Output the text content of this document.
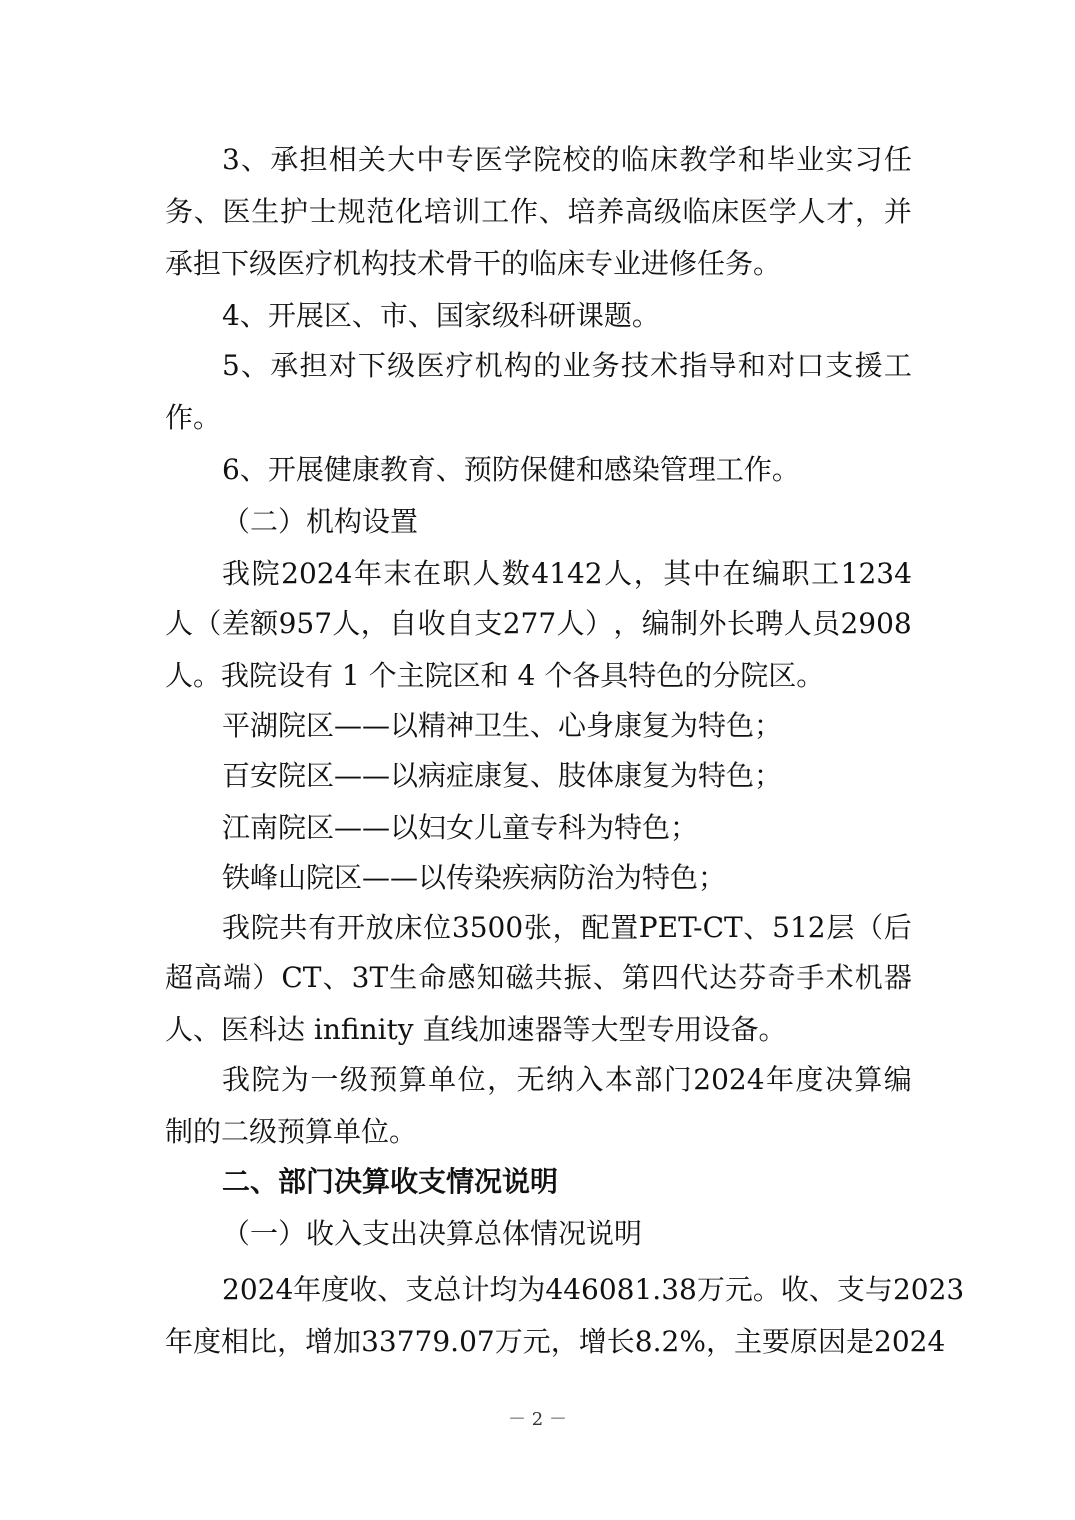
3 、 承 担 相 关 大 中 专 医 学 院 校 的 临 床 教 学 和 毕 业 实 习 任
务 、 医 生 护 士 规 范 化 培 训 工 作 、 培 养 高 级 临 床 医 学 人 才 ， 并
承担下级医疗机构技术骨干的临床专业进修任务。
4、开展区、市、国家级科研课题。
5 、 承 担 对 下 级 医 疗 机 构 的 业 务 技 术 指 导 和 对 口 支 援 工
作。
6、开展健康教育、预防保健和感染管理工作。
（二）机构设置
我 院 2024 年 末 在 职 人 数 4142 人 ， 其 中 在 编 职 工 1234
人 （ 差 额 957 人 ， 自 收 自 支 277 人 ） ， 编 制 外 长 聘 人 员 2908
人。我院设有 1 个主院区和 4 个各具特色的分院区。
平湖院区——以精神卫生、心身康复为特色；
百安院区——以病症康复、肢体康复为特色；
江南院区——以妇女儿童专科为特色；
铁峰山院区——以传染疾病防治为特色；
我 院 共 有 开 放 床 位 3500 张 ， 配 置 PET-CT 、 512 层 （ 后
超 高 端 ） CT 、 3T 生 命 感 知 磁 共 振 、 第 四 代 达 芬 奇 手 术 机 器
人、医科达 infinity 直线加速器等大型专用设备。
我 院 为 一 级 预 算 单 位 ， 无 纳 入 本 部 门 2024 年 度 决 算 编
制的二级预算单位。
二、部门决算收支情况说明
（一）收入支出决算总体情况说明
2024 年 度 收 、 支 总 计 均 为 446081.38 万 元 。 收 、 支 与 2023
年 度 相 比 ， 增 加 33779.07 万 元 ， 增 长 8.2% ， 主 要 原 因 是 2024
－ 2 －
